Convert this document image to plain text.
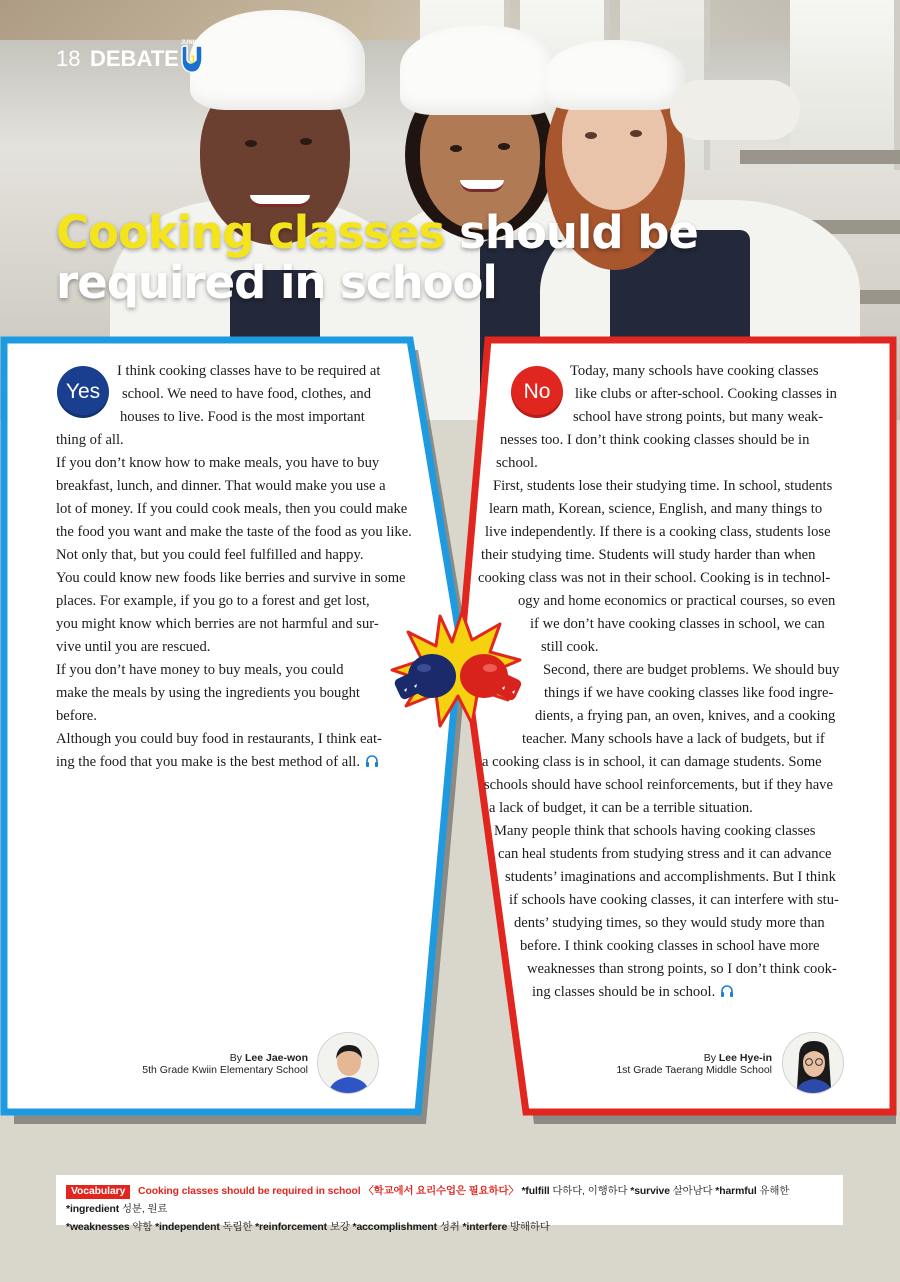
18 DEBATE
JUNIOR
J
Cooking classes should be
required in school
Yes
I think cooking classes have to be required at
school. We need to have food, clothes, and
houses to live. Food is the most important
thing of all.
If you don’t know how to make meals, you have to buy
breakfast, lunch, and dinner. That would make you use a
lot of money. If you could cook meals, then you could make
the food you want and make the taste of the food as you like.
Not only that, but you could feel fulfilled and happy.
You could know new foods like berries and survive in some
places. For example, if you go to a forest and get lost,
you might know which berries are not harmful and sur-
vive until you are rescued.
If you don’t have money to buy meals, you could
make the meals by using the ingredients you bought
before.
Although you could buy food in restaurants, I think eat-
ing the food that you make is the best method of all.
By Lee Jae-won
5th Grade Kwiin Elementary School
No
Today, many schools have cooking classes
like clubs or after-school. Cooking classes in
school have strong points, but many weak-
nesses too. I don’t think cooking classes should be in
school.
First, students lose their studying time. In school, students
learn math, Korean, science, English, and many things to
live independently. If there is a cooking class, students lose
their studying time. Students will study harder than when
cooking class was not in their school. Cooking is in technol-
ogy and home economics or practical courses, so even
if we don’t have cooking classes in school, we can
still cook.
Second, there are budget problems. We should buy
things if we have cooking classes like food ingre-
dients, a frying pan, an oven, knives, and a cooking
teacher. Many schools have a lack of budgets, but if
a cooking class is in school, it can damage students. Some
schools should have school reinforcements, but if they have
a lack of budget, it can be a terrible situation.
Many people think that schools having cooking classes
can heal students from studying stress and it can advance
students’ imaginations and accomplishments. But I think
if schools have cooking classes, it can interfere with stu-
dents’ studying times, so they would study more than
before. I think cooking classes in school have more
weaknesses than strong points, so I don’t think cook-
ing classes should be in school.
By Lee Hye-in
1st Grade Taerang Middle School
Vocabulary Cooking classes should be required in school 〈학교에서 요리수업은 필요하다〉 *fulfill 다하다, 이행하다 *survive 살아남다 *harmful 유해한 *ingredient 성분, 원료
*weaknesses 약함 *independent 독립한 *reinforcement 보강 *accomplishment 성취 *interfere 방해하다
